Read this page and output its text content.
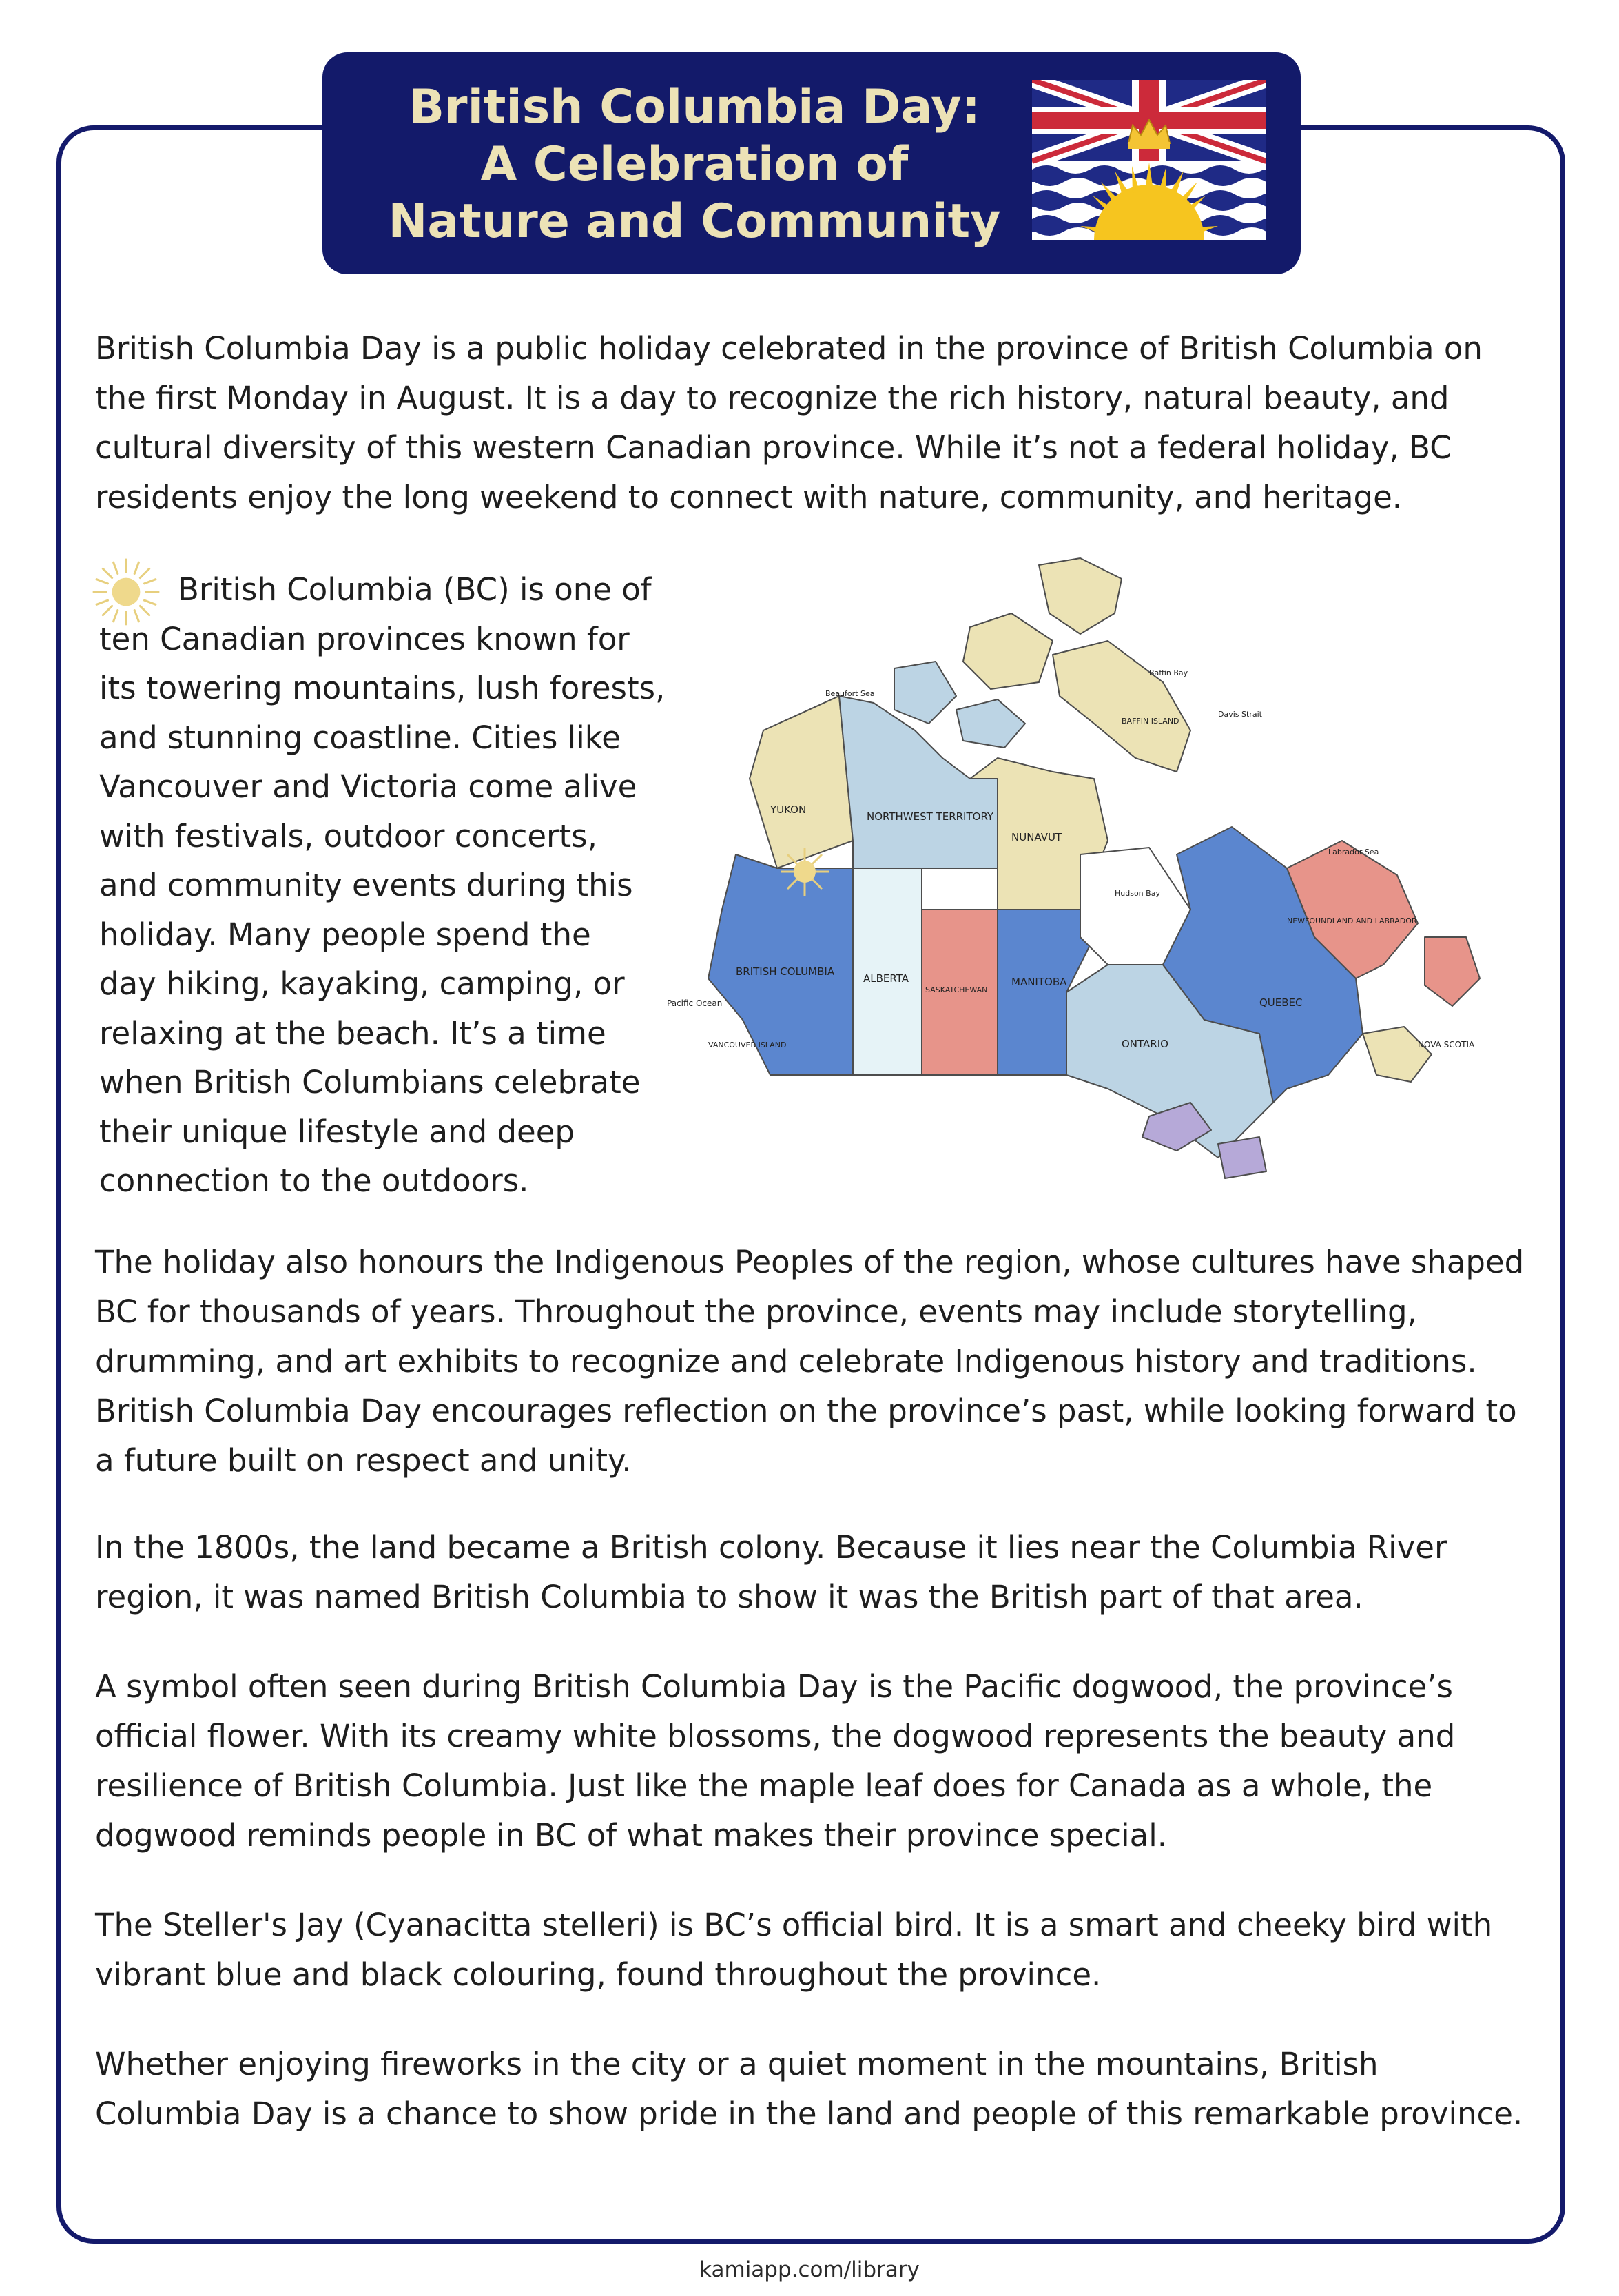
British Columbia Day:
A Celebration of
Nature and Community

British Columbia Day is a public holiday celebrated in the province of British Columbia on the first Monday in August. It is a day to recognize the rich history, natural beauty, and cultural diversity of this western Canadian province. While it’s not a federal holiday, BC residents enjoy the long weekend to connect with nature, community, and heritage.

British Columbia (BC) is one of
ten Canadian provinces known for
its towering mountains, lush forests,
and stunning coastline. Cities like
Vancouver and Victoria come alive
with festivals, outdoor concerts,
and community events during this
holiday. Many people spend the
day hiking, kayaking, camping, or
relaxing at the beach. It’s a time
when British Columbians celebrate
their unique lifestyle and deep
connection to the outdoors.
YUKON
NORTHWEST TERRITORY
NUNAVUT
BRITISH COLUMBIA
ALBERTA
SASKATCHEWAN
MANITOBA
ONTARIO
QUEBEC
NEWFOUNDLAND AND LABRADOR
NOVA SCOTIA
Pacific Ocean
VANCOUVER ISLAND
Hudson Bay
BAFFIN ISLAND
Beaufort Sea
Baffin Bay
Davis Strait
Labrador Sea

The holiday also honours the Indigenous Peoples of the region, whose cultures have shaped BC for thousands of years. Throughout the province, events may include storytelling, drumming, and art exhibits to recognize and celebrate Indigenous history and traditions. British Columbia Day encourages reflection on the province’s past, while looking forward to a future built on respect and unity.

In the 1800s, the land became a British colony. Because it lies near the Columbia River region, it was named British Columbia to show it was the British part of that area.

A symbol often seen during British Columbia Day is the Pacific dogwood, the province’s official flower. With its creamy white blossoms, the dogwood represents the beauty and resilience of British Columbia. Just like the maple leaf does for Canada as a whole, the dogwood reminds people in BC of what makes their province special.

The Steller's Jay (Cyanacitta stelleri) is BC’s official bird. It is a smart and cheeky bird with vibrant blue and black colouring, found throughout the province.

Whether enjoying fireworks in the city or a quiet moment in the mountains, British Columbia Day is a chance to show pride in the land and people of this remarkable province.

kamiapp.com/library
